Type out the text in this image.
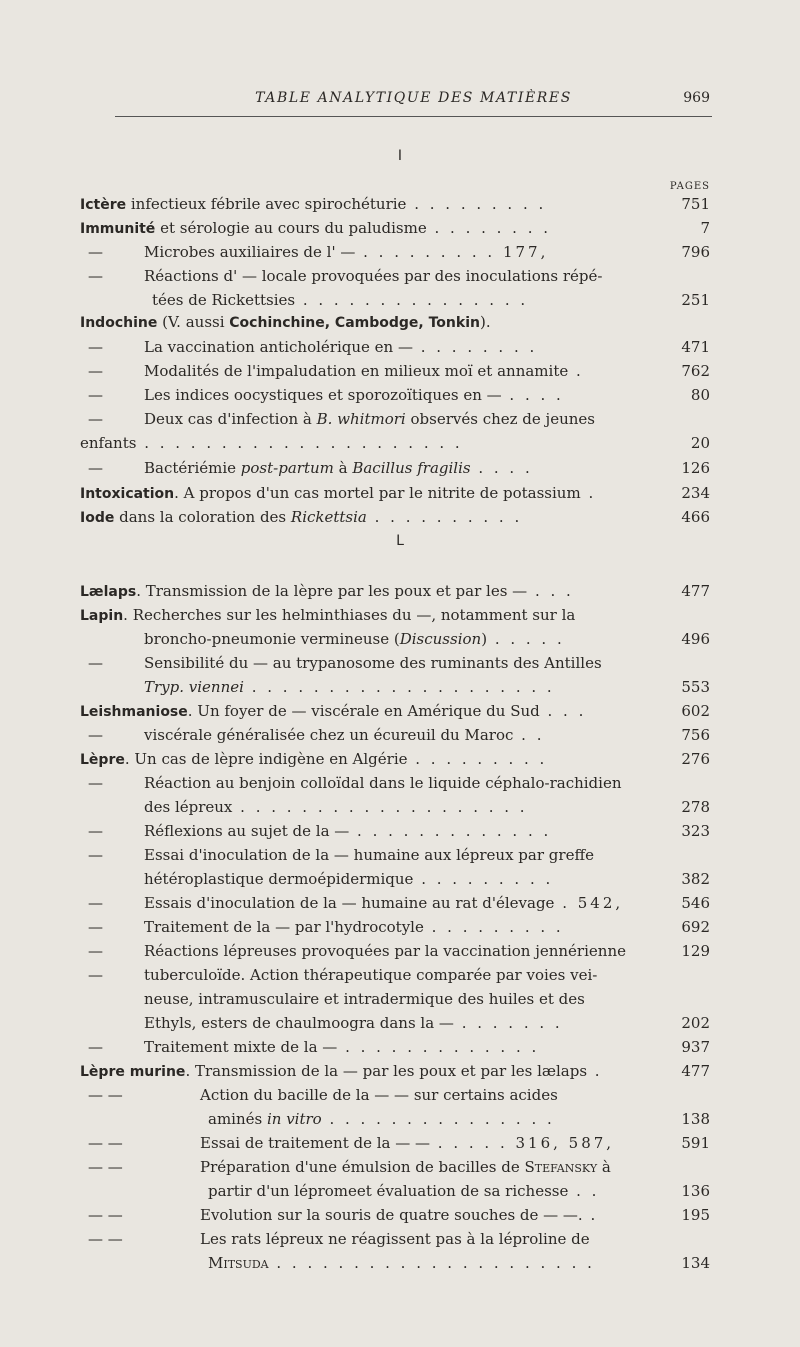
TABLE ANALYTIQUE DES MATIÈRES	969
I
PAGES
L
Ictère infectieux fébrile avec spirochéturie . . . . . . . . .	751
Immunité et sérologie au cours du paludisme . . . . . . . .	7
—	Microbes auxiliaires de l' — . . . . . . . . . 177,	796
—	Réactions d' — locale provoquées par des inoculations répé-
tées de Rickettsies . . . . . . . . . . . . . . .	251
Indochine (V. aussi Cochinchine, Cambodge, Tonkin).
—	La vaccination anticholérique en — . . . . . . . .	471
—	Modalités de l'impaludation en milieux moï et annamite .	762
—	Les indices oocystiques et sporozoïtiques en — . . . .	80
—	Deux cas d'infection à B. whitmori observés chez de jeunes
enfants . . . . . . . . . . . . . . . . . . . . .	20
—	Bactériémie post-partum à Bacillus fragilis . . . .	126
Intoxication. A propos d'un cas mortel par le nitrite de potassium .	234
Iode dans la coloration des Rickettsia . . . . . . . . . .	466
Lælaps. Transmission de la lèpre par les poux et par les — . . .	477
Lapin. Recherches sur les helminthiases du —, notamment sur la
broncho-pneumonie vermineuse (Discussion) . . . . .	496
—	Sensibilité du — au trypanosome des ruminants des Antilles
Tryp. viennei . . . . . . . . . . . . . . . . . . . .	553
Leishmaniose. Un foyer de — viscérale en Amérique du Sud . . .	602
—	viscérale généralisée chez un écureuil du Maroc . .	756
Lèpre. Un cas de lèpre indigène en Algérie . . . . . . . . .	276
—	Réaction au benjoin colloïdal dans le liquide céphalo-rachidien
des lépreux . . . . . . . . . . . . . . . . . . .	278
—	Réflexions au sujet de la — . . . . . . . . . . . . .	323
—	Essai d'inoculation de la — humaine aux lépreux par greffe
hétéroplastique dermoépidermique . . . . . . . . .	382
—	Essais d'inoculation de la — humaine au rat d'élevage . 542,	546
—	Traitement de la — par l'hydrocotyle . . . . . . . . .	692
—	Réactions lépreuses provoquées par la vaccination jennérienne	129
—	tuberculoïde. Action thérapeutique comparée par voies vei-
neuse, intramusculaire et intradermique des huiles et des
Ethyls, esters de chaulmoogra dans la — . . . . . . .	202
—	Traitement mixte de la — . . . . . . . . . . . . .	937
Lèpre murine. Transmission de la — par les poux et par les lælaps .	477
— —	Action du bacille de la — — sur certains acides
aminés in vitro . . . . . . . . . . . . . . .	138
— —	Essai de traitement de la — — . . . . . 316, 587,	591
— —	Préparation d'une émulsion de bacilles de Stefansky à
partir d'un lépromeet évaluation de sa richesse . .	136
— —	Evolution sur la souris de quatre souches de — —. .	195
— —	Les rats lépreux ne réagissent pas à la léproline de
Mitsuda . . . . . . . . . . . . . . . . . . . . .	134
